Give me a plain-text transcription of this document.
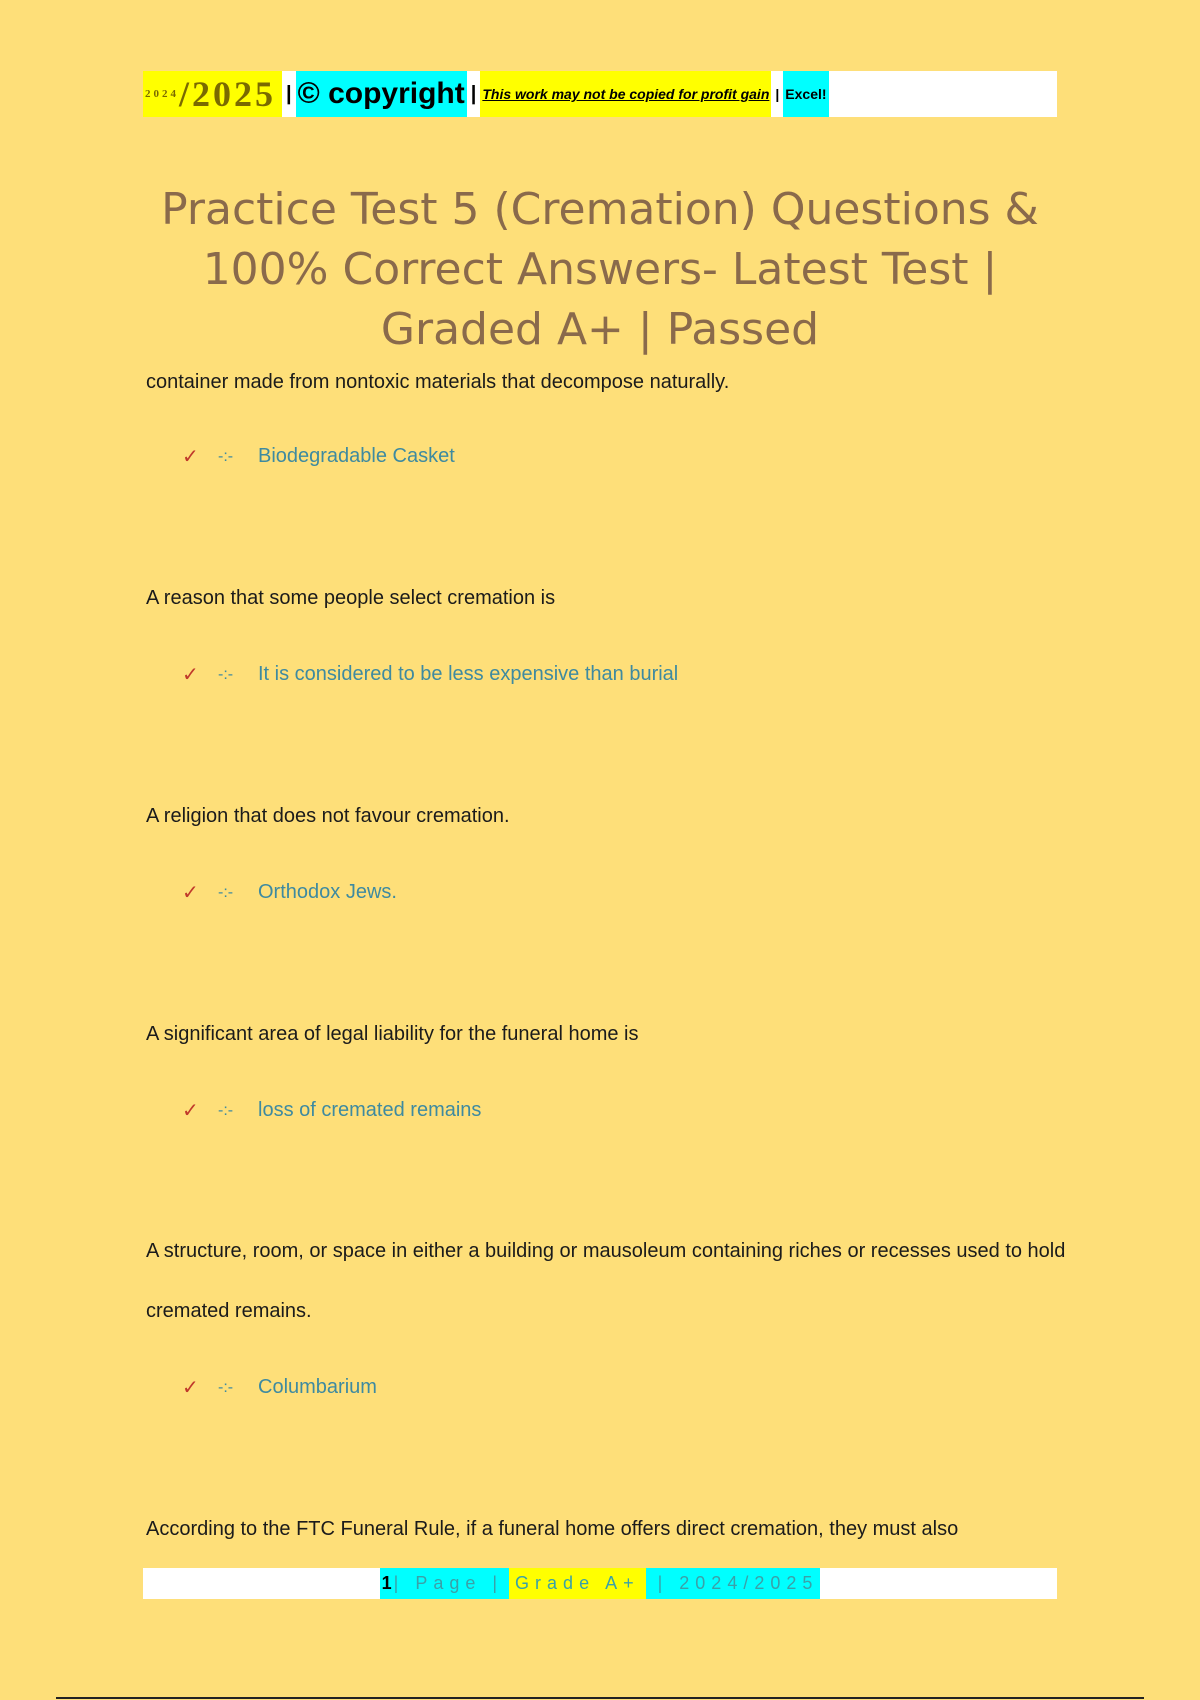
2024 /2025 | © copyright | This work may not be copied for profit gain | Excel!
Practice Test 5 (Cremation) Questions & 100% Correct Answers- Latest Test | Graded A+ | Passed
container made from nontoxic materials that decompose naturally.
✓	-:-	Biodegradable Casket
A reason that some people select cremation is
✓	-:-	It is considered to be less expensive than burial
A religion that does not favour cremation.
✓	-:-	Orthodox Jews.
A significant area of legal liability for the funeral home is
✓	-:-	loss of cremated remains
A structure, room, or space in either a building or mausoleum containing riches or recesses used to hold cremated remains.
✓	-:-	Columbarium
According to the FTC Funeral Rule, if a funeral home offers direct cremation, they must also
1 | Page | Grade A+	| 2024/2025
